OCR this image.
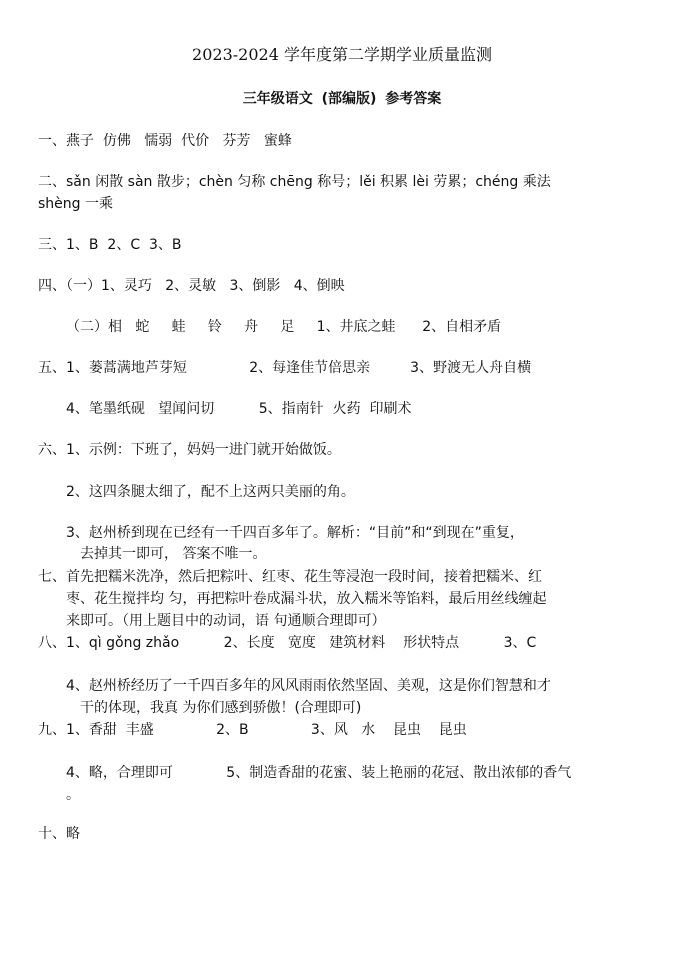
2023-2024 学年度第二学期学业质量监测
三年级语文 (部编版) 参考答案
一、燕子  仿佛   懦弱  代价   芬芳   蜜蜂
二、sǎn 闲散 sàn 散步；chèn 匀称 chēng 称号；lěi 积累 lèi 劳累；chéng 乘法
shèng 一乘
三、1、B  2、C  3、B
四、（一）1、灵巧   2、灵敏   3、倒影   4、倒映
（二）相   蛇     蛙     铃     舟     足     1、井底之蛙      2、自相矛盾
五、1、蒌蒿满地芦芽短              2、每逢佳节倍思亲         3、野渡无人舟自横
4、笔墨纸砚   望闻问切          5、指南针  火药  印刷术
六、1、示例：下班了，妈妈一进门就开始做饭。
2、这四条腿太细了，配不上这两只美丽的角。
3、赵州桥到现在已经有一千四百多年了。解析：“目前”和“到现在”重复，
去掉其一即可， 答案不唯一。
七、首先把糯米洗净，然后把粽叶、红枣、花生等浸泡一段时间，接着把糯米、红
枣、花生搅拌均 匀，再把粽叶卷成漏斗状，放入糯米等馅料，最后用丝线缠起
来即可。（用上题目中的动词，语 句通顺合理即可）
八、1、qì gǒng zhǎo          2、长度   宽度   建筑材料    形状特点          3、C
4、赵州桥经历了一千四百多年的风风雨雨依然坚固、美观，这是你们智慧和才
干的体现，我真 为你们感到骄傲！(合理即可)
九、1、香甜  丰盛              2、B              3、风   水    昆虫    昆虫
4、略，合理即可            5、制造香甜的花蜜、装上艳丽的花冠、散出浓郁的香气
。
十、略
